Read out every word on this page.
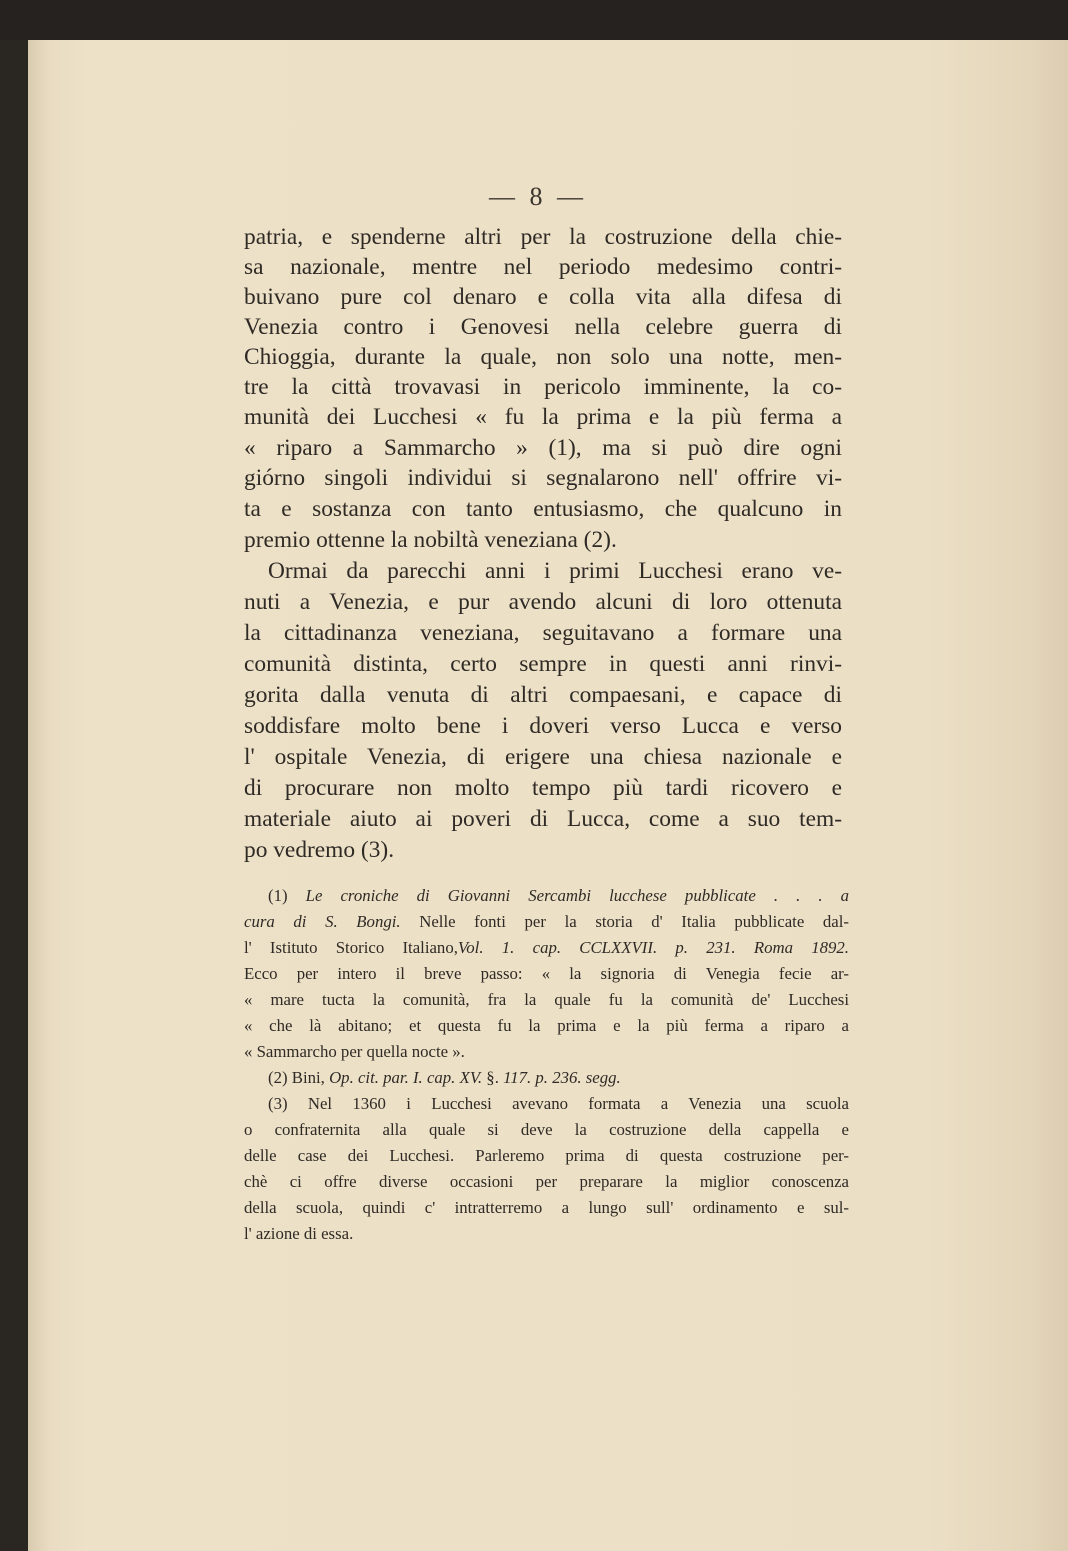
— 8 —
patria, e spenderne altri per la costruzione della chie-
sa nazionale, mentre nel periodo medesimo contri-
buivano pure col denaro e colla vita alla difesa di
Venezia contro i Genovesi nella celebre guerra di
Chioggia, durante la quale, non solo una notte, men-
tre la città trovavasi in pericolo imminente, la co-
munità dei Lucchesi « fu la prima e la più ferma a
« riparo a Sammarcho » (1), ma si può dire ogni
giórno singoli individui si segnalarono nell' offrire vi-
ta e sostanza con tanto entusiasmo, che qualcuno in
premio ottenne la nobiltà veneziana (2).
Ormai da parecchi anni i primi Lucchesi erano ve-
nuti a Venezia, e pur avendo alcuni di loro ottenuta
la cittadinanza veneziana, seguitavano a formare una
comunità distinta, certo sempre in questi anni rinvi-
gorita dalla venuta di altri compaesani, e capace di
soddisfare molto bene i doveri verso Lucca e verso
l' ospitale Venezia, di erigere una chiesa nazionale e
di procurare non molto tempo più tardi ricovero e
materiale aiuto ai poveri di Lucca, come a suo tem-
po vedremo (3).
(1) Le croniche di Giovanni Sercambi lucchese pubblicate . . . a
cura di S. Bongi. Nelle fonti per la storia d' Italia pubblicate dal-
l' Istituto Storico Italiano,Vol. 1. cap. CCLXXVII. p. 231. Roma 1892.
Ecco per intero il breve passo: « la signoria di Venegia fecie ar-
« mare tucta la comunità, fra la quale fu la comunità de' Lucchesi
« che là abitano; et questa fu la prima e la più ferma a riparo a
« Sammarcho per quella nocte ».
(2) Bini, Op. cit. par. I. cap. XV. §. 117. p. 236. segg.
(3) Nel 1360 i Lucchesi avevano formata a Venezia una scuola
o confraternita alla quale si deve la costruzione della cappella e
delle case dei Lucchesi. Parleremo prima di questa costruzione per-
chè ci offre diverse occasioni per preparare la miglior conoscenza
della scuola, quindi c' intratterremo a lungo sull' ordinamento e sul-
l' azione di essa.
